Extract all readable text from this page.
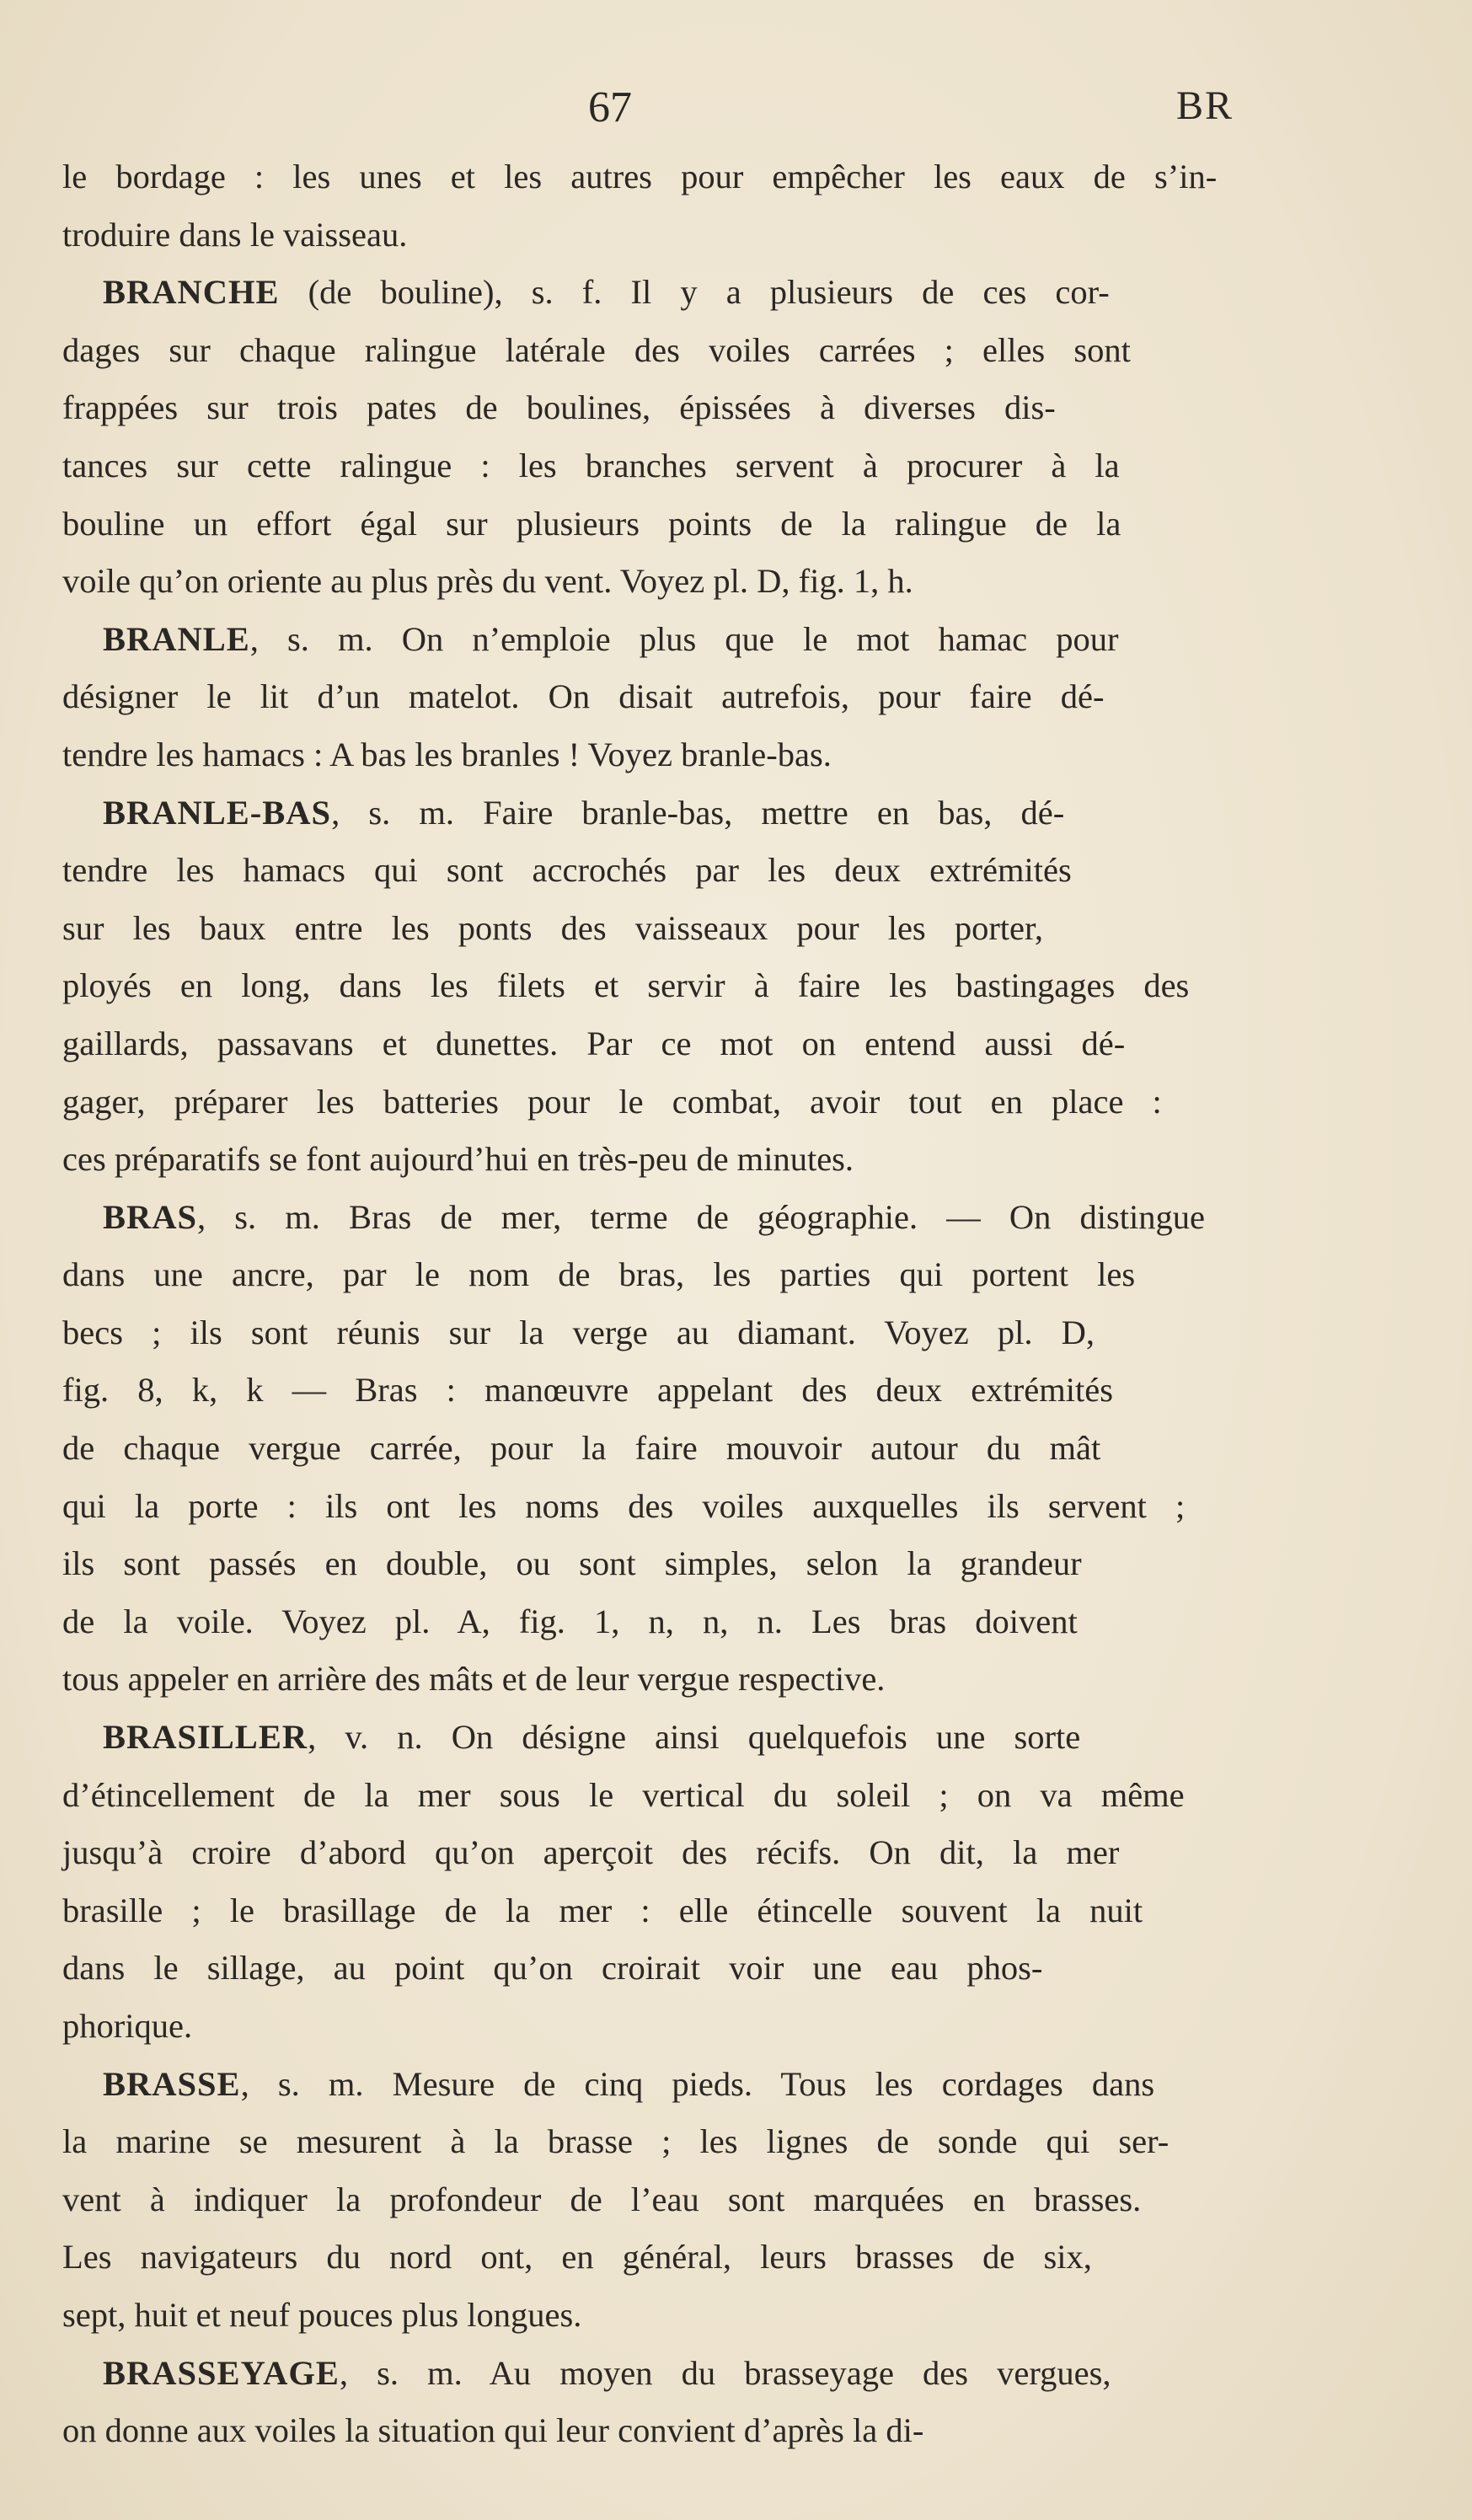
67	BR
le bordage : les unes et les autres pour empêcher les eaux de s’in-
troduire dans le vaisseau.
BRANCHE (de bouline), s. f. Il y a plusieurs de ces cor-
dages sur chaque ralingue latérale des voiles carrées ; elles sont
frappées sur trois pates de boulines, épissées à diverses dis-
tances sur cette ralingue : les branches servent à procurer à la
bouline un effort égal sur plusieurs points de la ralingue de la
voile qu’on oriente au plus près du vent. Voyez pl. D, fig. 1, h.
BRANLE, s. m. On n’emploie plus que le mot hamac pour
désigner le lit d’un matelot. On disait autrefois, pour faire dé-
tendre les hamacs : A bas les branles ! Voyez branle-bas.
BRANLE-BAS, s. m. Faire branle-bas, mettre en bas, dé-
tendre les hamacs qui sont accrochés par les deux extrémités
sur les baux entre les ponts des vaisseaux pour les porter,
ployés en long, dans les filets et servir à faire les bastingages des
gaillards, passavans et dunettes. Par ce mot on entend aussi dé-
gager, préparer les batteries pour le combat, avoir tout en place :
ces préparatifs se font aujourd’hui en très-peu de minutes.
BRAS, s. m. Bras de mer, terme de géographie. — On distingue
dans une ancre, par le nom de bras, les parties qui portent les
becs ; ils sont réunis sur la verge au diamant. Voyez pl. D,
fig. 8, k, k — Bras : manœuvre appelant des deux extrémités
de chaque vergue carrée, pour la faire mouvoir autour du mât
qui la porte : ils ont les noms des voiles auxquelles ils servent ;
ils sont passés en double, ou sont simples, selon la grandeur
de la voile. Voyez pl. A, fig. 1, n, n, n. Les bras doivent
tous appeler en arrière des mâts et de leur vergue respective.
BRASILLER, v. n. On désigne ainsi quelquefois une sorte
d’étincellement de la mer sous le vertical du soleil ; on va même
jusqu’à croire d’abord qu’on aperçoit des récifs. On dit, la mer
brasille ; le brasillage de la mer : elle étincelle souvent la nuit
dans le sillage, au point qu’on croirait voir une eau phos-
phorique.
BRASSE, s. m. Mesure de cinq pieds. Tous les cordages dans
la marine se mesurent à la brasse ; les lignes de sonde qui ser-
vent à indiquer la profondeur de l’eau sont marquées en brasses.
Les navigateurs du nord ont, en général, leurs brasses de six,
sept, huit et neuf pouces plus longues.
BRASSEYAGE, s. m. Au moyen du brasseyage des vergues,
on donne aux voiles la situation qui leur convient d’après la di-
